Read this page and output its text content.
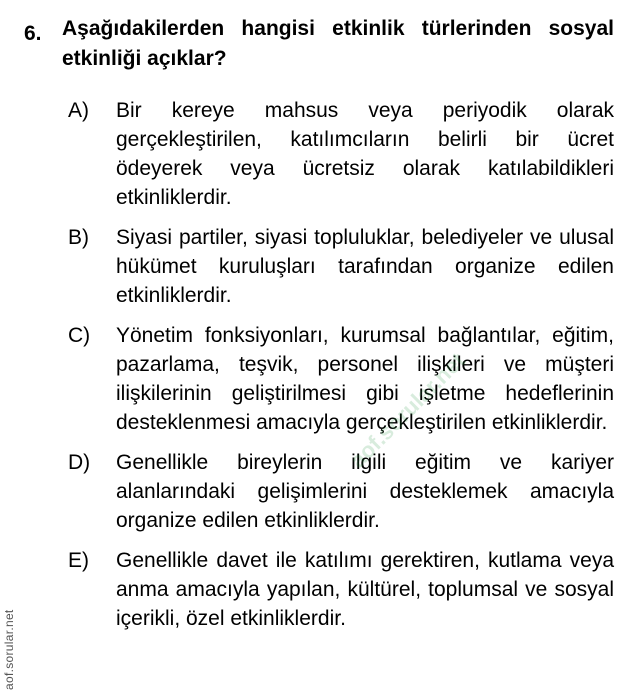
6. Aşağıdakilerden hangisi etkinlik türlerinden sosyal etkinliği açıklar?
A)	Bir kereye mahsus veya periyodik olarak gerçekleştirilen, katılımcıların belirli bir ücret ödeyerek veya ücretsiz olarak katılabildikleri etkinliklerdir.
B)	Siyasi partiler, siyasi topluluklar, belediyeler ve ulusal hükümet kuruluşları tarafından organize edilen etkinliklerdir.
C)	Yönetim fonksiyonları, kurumsal bağlantılar, eğitim, pazarlama, teşvik, personel ilişkileri ve müşteri ilişkilerinin geliştirilmesi gibi işletme hedeflerinin desteklenmesi amacıyla gerçekleştirilen etkinliklerdir.
D)	Genellikle bireylerin ilgili eğitim ve kariyer alanlarındaki gelişimlerini desteklemek amacıyla organize edilen etkinliklerdir.
E)	Genellikle davet ile katılımı gerektiren, kutlama veya anma amacıyla yapılan, kültürel, toplumsal ve sosyal içerikli, özel etkinliklerdir.
aof.sorular.net
aof.sorular.net
